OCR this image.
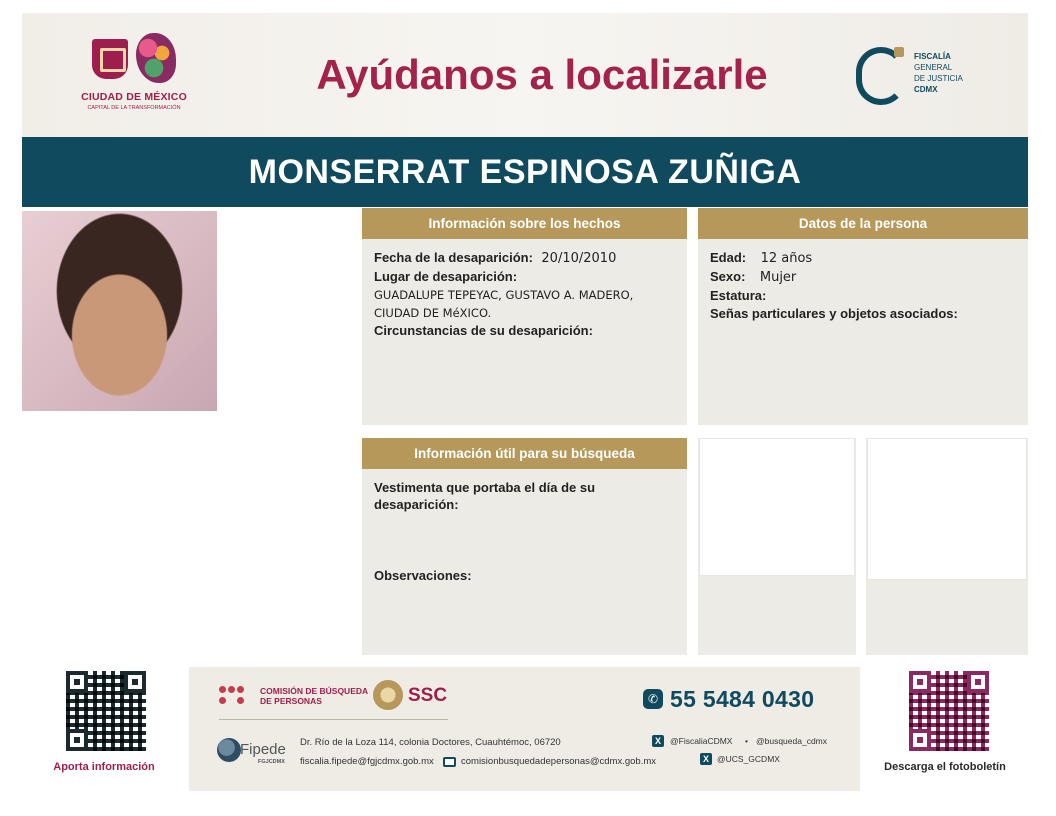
CIUDAD DE MÉXICO
CAPITAL DE LA TRANSFORMACIÓN
Ayúdanos a localizarle	FISCALÍA
GENERAL
DE JUSTICIA
CDMX
MONSERRAT ESPINOSA ZUÑIGA
Información sobre los hechos
Fecha de la desaparición: 20/10/2010
Lugar de desaparición:
GUADALUPE TEPEYAC, GUSTAVO A. MADERO, CIUDAD DE MéXICO.
Circunstancias de su desaparición:
Datos de la persona
Edad: 12 años
Sexo: Mujer
Estatura:
Señas particulares y objetos asociados:
Información útil para su búsqueda
Vestimenta que portaba el día de su desaparición:
Observaciones:
Aporta información
COMISIÓN DE BÚSQUEDA DE PERSONAS	SSC	✆ 55 5484 0430
Fipede
FGJCDMX
Dr. Río de la Loza 114, colonia Doctores, Cuauhtémoc, 06720
fiscalia.fipede@fgjcdmx.gob.mx	comisionbusquedadepersonas@cdmx.gob.mx
X	@FiscaliaCDMX • @busqueda_cdmx
X @UCS_GCDMX
Descarga el fotoboletín
